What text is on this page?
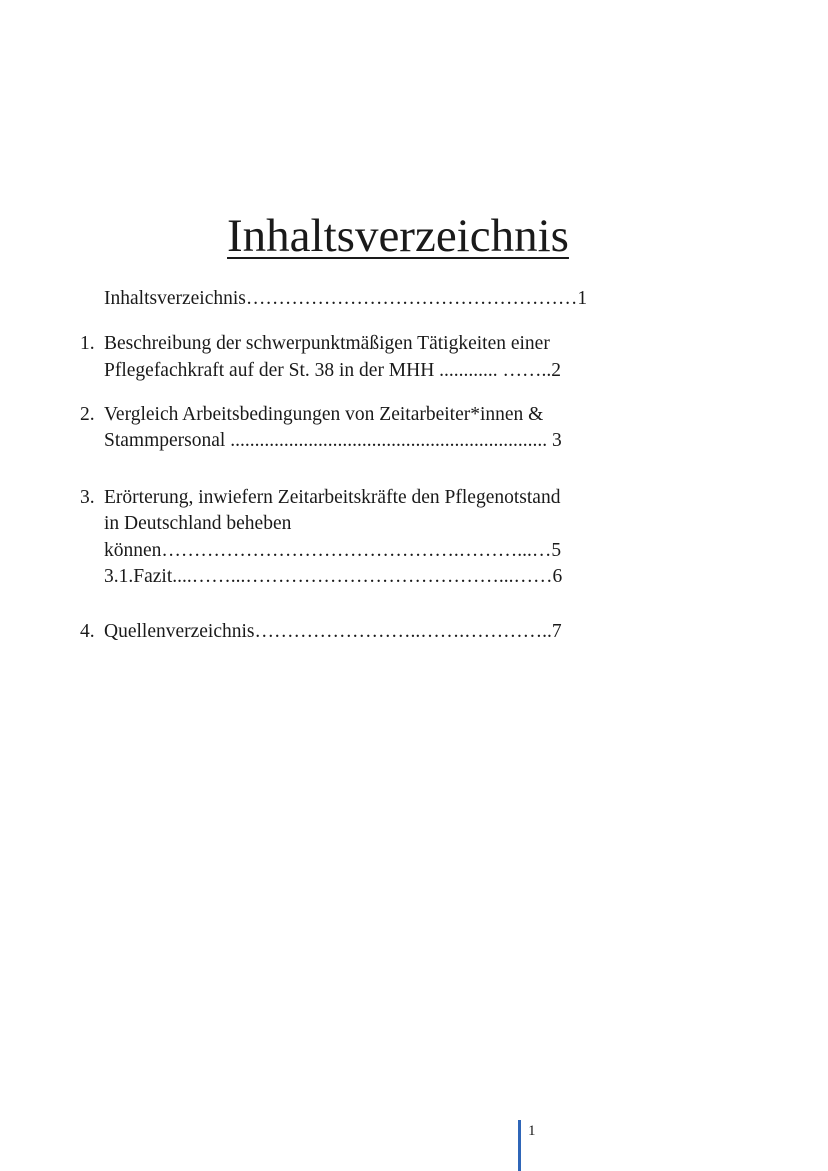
Inhaltsverzeichnis
Inhaltsverzeichnis……………………………………………1
1. Beschreibung der schwerpunktmäßigen Tätigkeiten einer
Pflegefachkraft auf der St. 38 in der MHH ............ ……..2
2. Vergleich Arbeitsbedingungen von Zeitarbeiter*innen &
Stammpersonal ................................................................. 3
3. Erörterung, inwiefern Zeitarbeitskräfte den Pflegenotstand
in Deutschland beheben
können……………………………………….………...…5
3.1.Fazit....……...…………………………………...……6
4. Quellenverzeichnis……………………..…….…………..7
1
